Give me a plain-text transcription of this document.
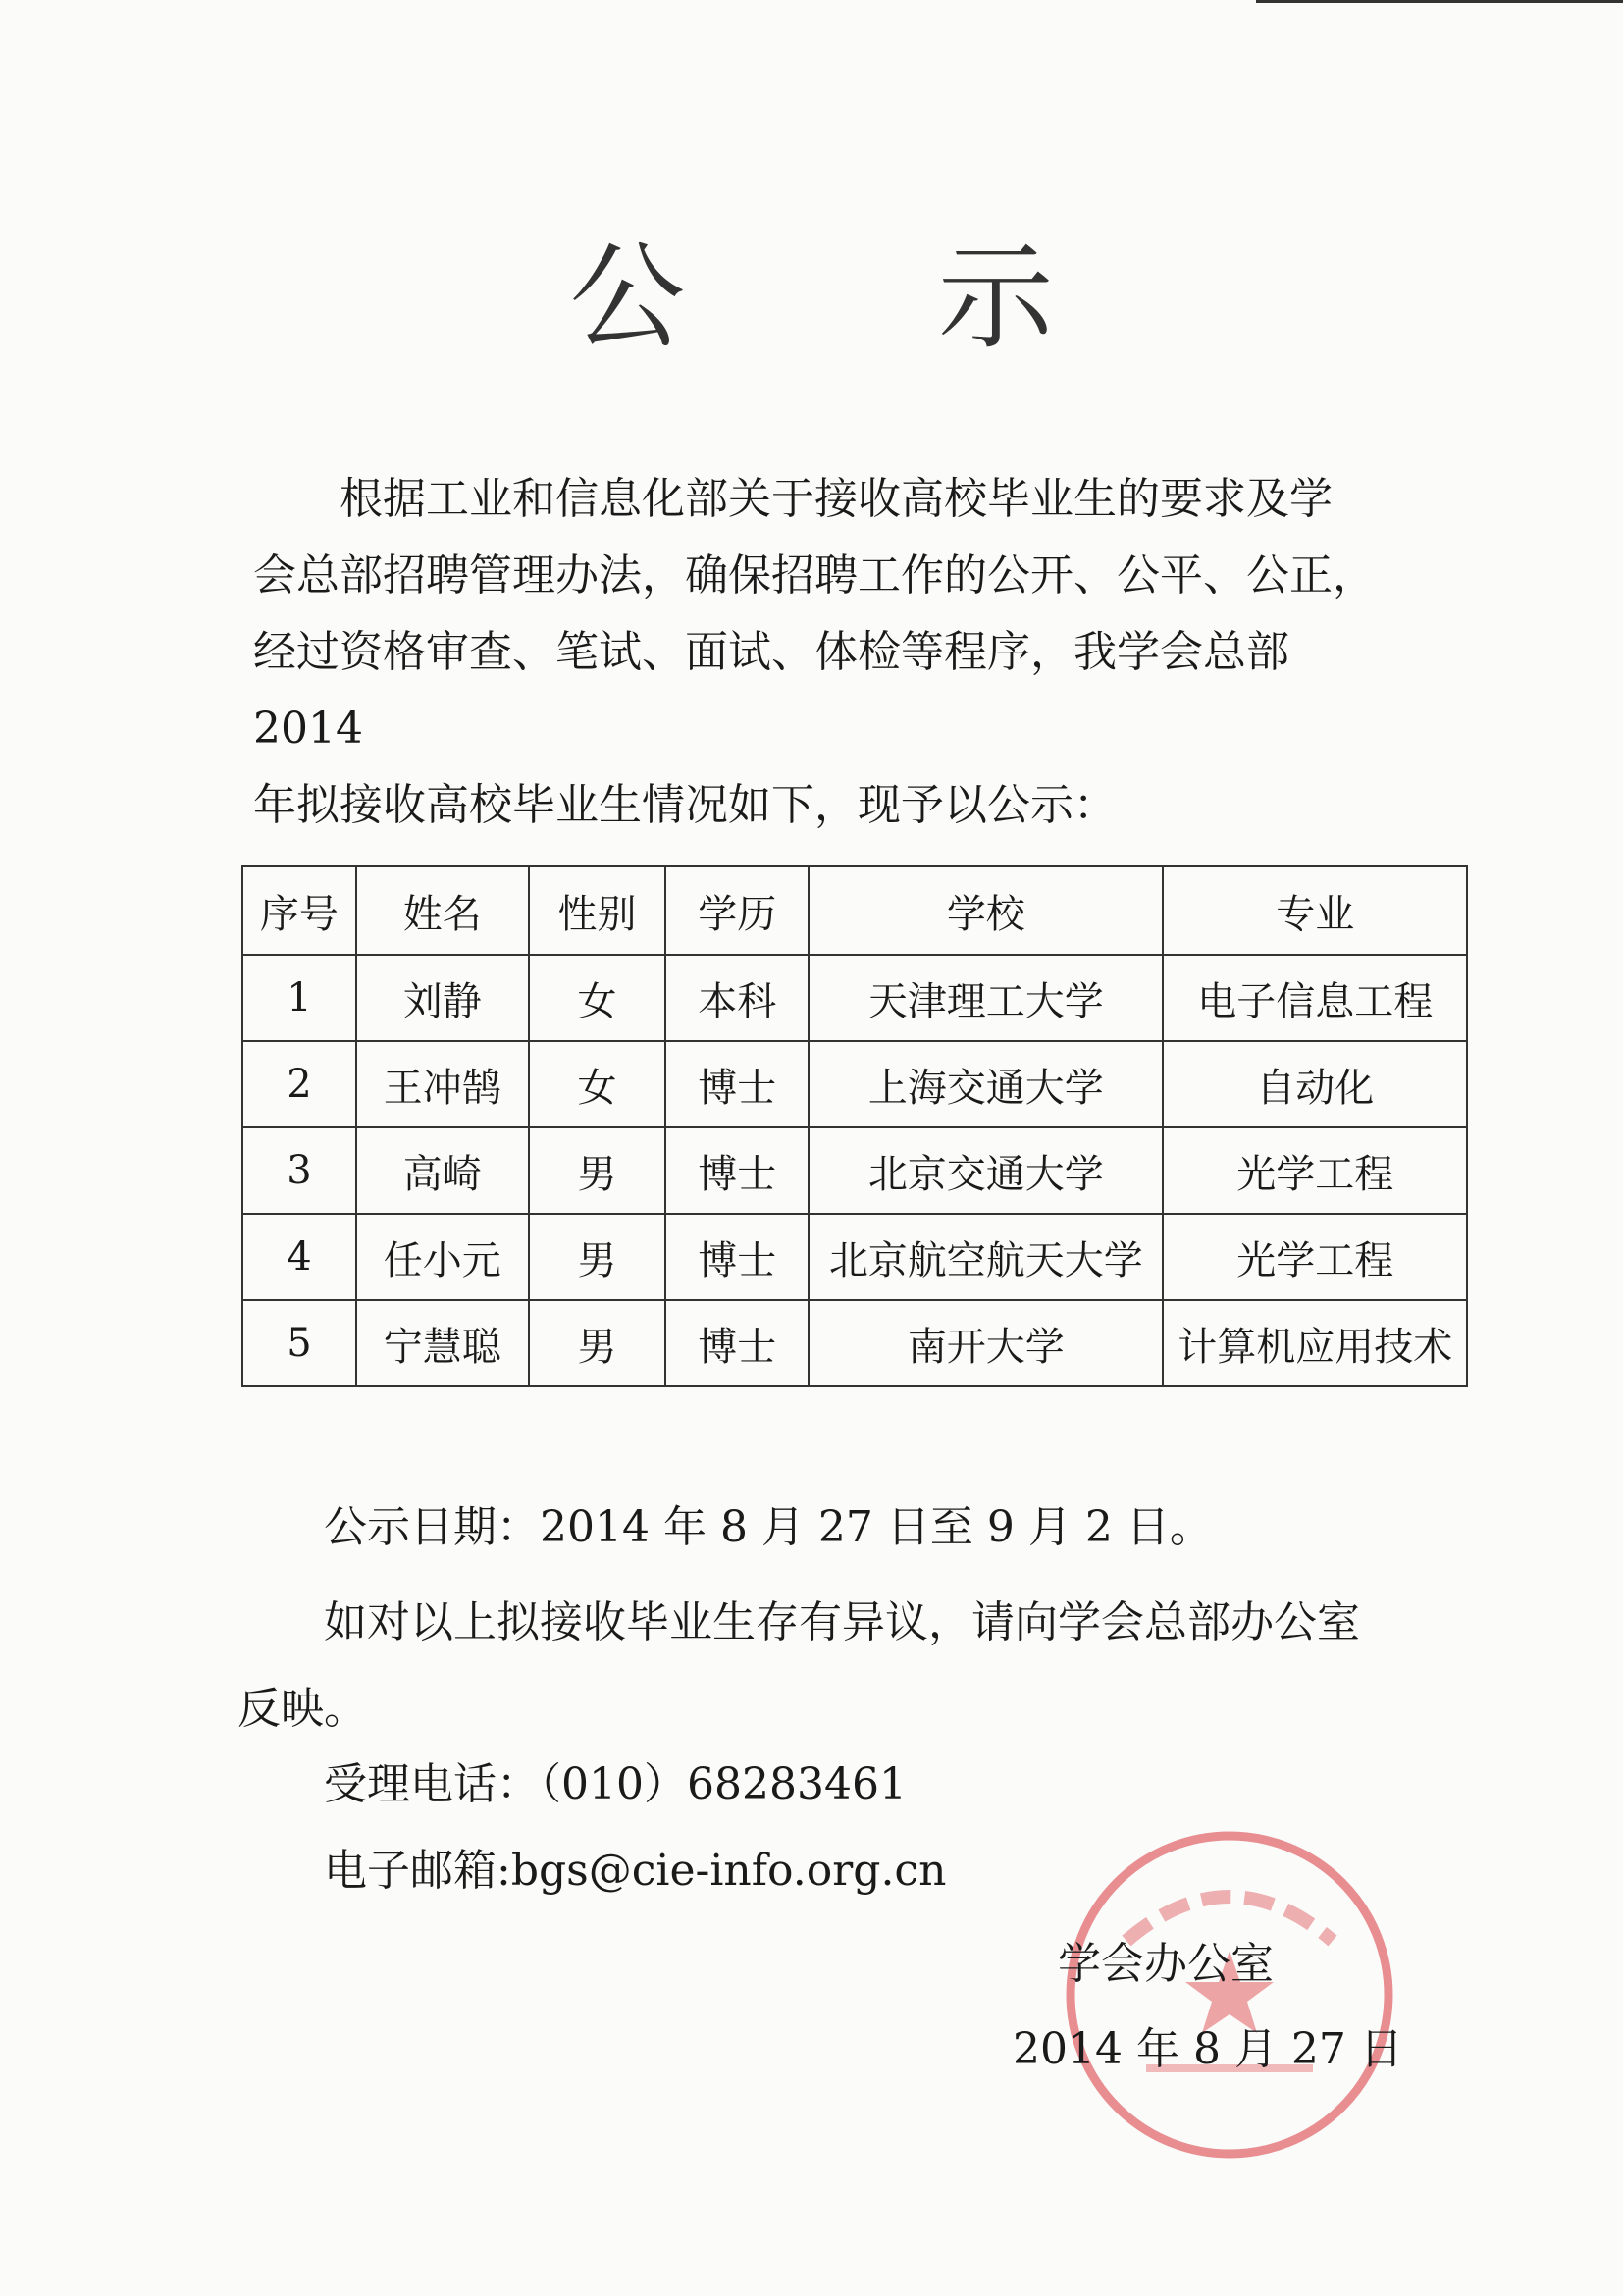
公 示

根据工业和信息化部关于接收高校毕业生的要求及学

会总部招聘管理办法，确保招聘工作的公开、公平、公正，

经过资格审查、笔试、面试、体检等程序，我学会总部 2014

年拟接收高校毕业生情况如下，现予以公示：

序号	姓名	性别	学历	学校	专业
1	刘静	女	本科	天津理工大学	电子信息工程
2	王冲鹄	女	博士	上海交通大学	自动化
3	高崎	男	博士	北京交通大学	光学工程
4	任小元	男	博士	北京航空航天大学	光学工程
5	宁慧聪	男	博士	南开大学	计算机应用技术
公示日期：2014 年 8 月 27 日至 9 月 2 日。

如对以上拟接收毕业生存有异议，请向学会总部办公室

反映。

受理电话：（010）68283461
电子邮箱:bgs@cie-info.org.cn
学会办公室
2014 年 8 月 27 日
